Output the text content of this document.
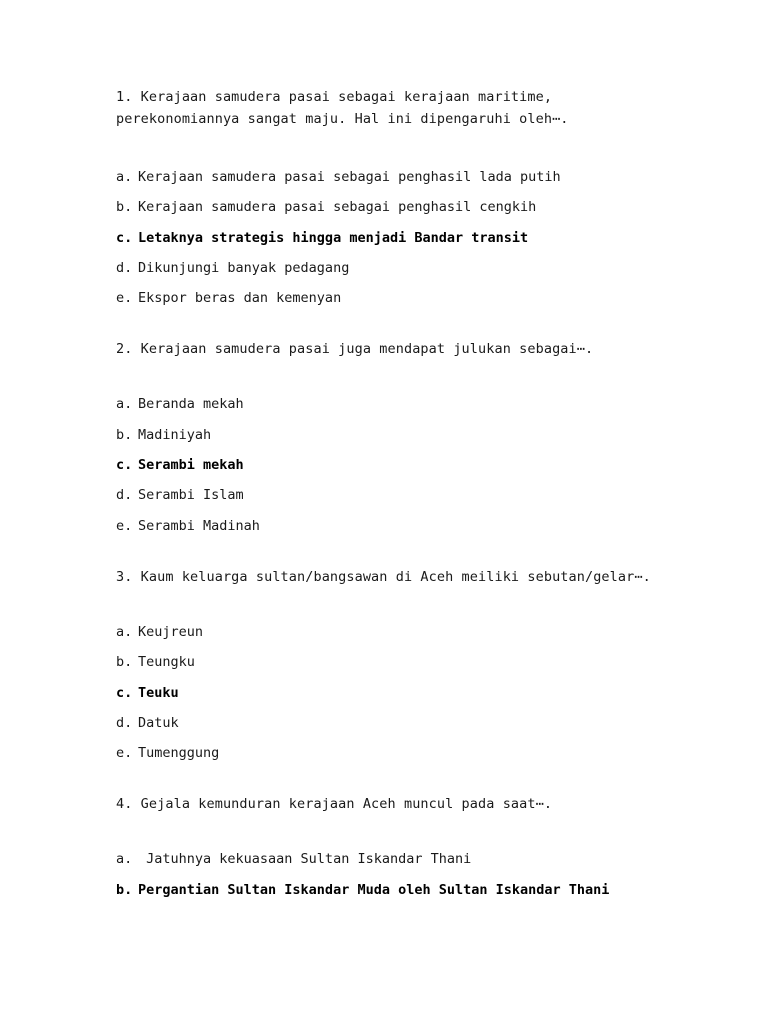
1. Kerajaan samudera pasai sebagai kerajaan maritime, perekonomiannya sangat maju. Hal ini dipengaruhi oleh⋯.

a. Kerajaan samudera pasai sebagai penghasil lada putih
b. Kerajaan samudera pasai sebagai penghasil cengkih
c. Letaknya strategis hingga menjadi Bandar transit
d. Dikunjungi banyak pedagang
e. Ekspor beras dan kemenyan

2. Kerajaan samudera pasai juga mendapat julukan sebagai⋯.

a. Beranda mekah
b. Madiniyah
c. Serambi mekah
d. Serambi Islam
e. Serambi Madinah

3. Kaum keluarga sultan/bangsawan di Aceh meiliki sebutan/gelar⋯.

a. Keujreun
b. Teungku
c. Teuku
d. Datuk
e. Tumenggung

4. Gejala kemunduran kerajaan Aceh muncul pada saat⋯.

a. Jatuhnya kekuasaan Sultan Iskandar Thani
b. Pergantian Sultan Iskandar Muda oleh Sultan Iskandar Thani
